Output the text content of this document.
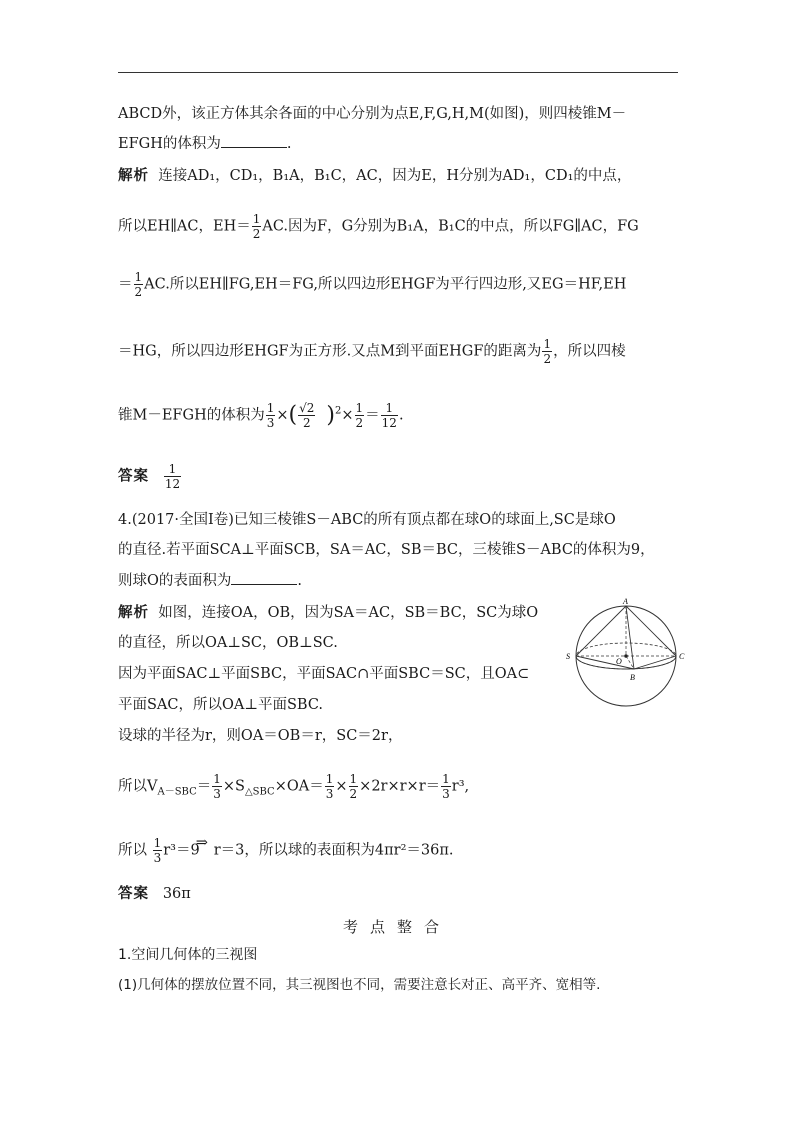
ABCD外，该正方体其余各面的中心分别为点E,F,G,H,M(如图)，则四棱锥M－
EFGH的体积为	.
解析 连接AD₁，CD₁，B₁A，B₁C，AC，因为E，H分别为AD₁，CD₁的中点，
所以EH∥AC，$EH= \frac{1}{2}$ AC.因为F，G分别为B₁A，B₁C的中点，所以FG∥AC，FG
＝ $\frac{1}{2}$ AC.所以EH∥FG,EH＝FG,所以四边形EHGF为平行四边形,又EG＝HF,EH
＝HG，所以四边形EHGF为正方形.又点M到平面EHGF的距离为 $\frac{1}{2}$ ，所以四棱
锥M－EFGH的体积为 $\frac{1}{3}$ ×( $\frac{√2}{2} )^2\times \frac{1}{2} = \frac{1}{12}$ .
答案 $\frac{1}{12}$
4.(2017·全国Ⅰ卷)已知三棱锥S－ABC的所有顶点都在球O的球面上,SC是球O
的直径.若平面SCA⊥平面SCB，SA＝AC，SB＝BC，三棱锥S－ABC的体积为9，
则球O的表面积为	.
解析 如图，连接OA，OB，因为SA＝AC，SB＝BC，SC为球O
的直径，所以OA⊥SC，OB⊥SC.
因为平面SAC⊥平面SBC，平面SAC∩平面SBC＝SC，且OA⊂
平面SAC，所以OA⊥平面SBC.
设球的半径为r，则OA＝OB＝r，SC＝2r，
所以$V_{A-SBC}= \frac{1}{3} \times S_{\triangle SBC}\times OA= \frac{1}{3} \times \frac{1}{2} \times 2r\times r\times r= \frac{1}{3} r^3$,
所以 $\frac{1}{3} r^3=9$
⇒ r＝3，所以球的表面积为4πr²＝36π.
答案 36π
A
S	C
B
O
考点整合
1.空间几何体的三视图
(1)几何体的摆放位置不同，其三视图也不同，需要注意长对正、高平齐、宽相等.
